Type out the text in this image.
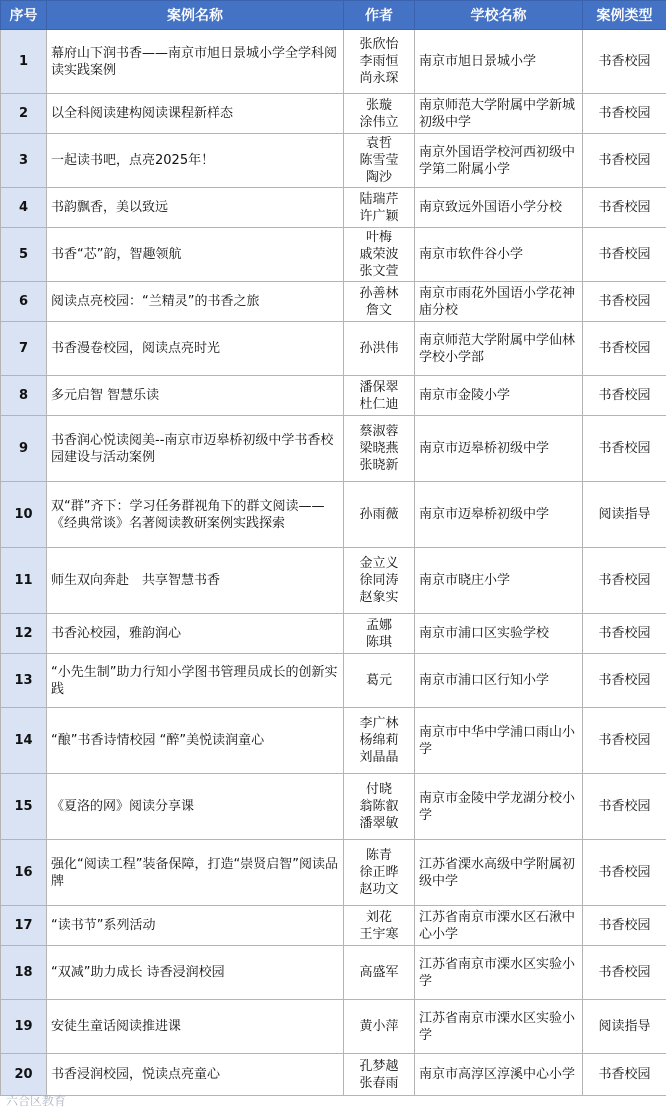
序号	案例名称	作者	学校名称	案例类型
1	幕府山下润书香——南京市旭日景城小学全学科阅读实践案例	张欣怡
李雨恒
尚永琛	南京市旭日景城小学	书香校园
2	以全科阅读建构阅读课程新样态	张璇
涂伟立	南京师范大学附属中学新城初级中学	书香校园
3	一起读书吧，点亮2025年！	袁哲
陈雪莹
陶沙	南京外国语学校河西初级中学第二附属小学	书香校园
4	书韵飘香，美以致远	陆瑞芹
许广颖	南京致远外国语小学分校	书香校园
5	书香“芯”韵，智趣领航	叶梅
戚荣波
张文萱	南京市软件谷小学	书香校园
6	阅读点亮校园：“兰精灵”的书香之旅	孙善林
詹文	南京市雨花外国语小学花神庙分校	书香校园
7	书香漫卷校园，阅读点亮时光	孙洪伟	南京师范大学附属中学仙林学校小学部	书香校园
8	多元启智 智慧乐读	潘保翠
杜仁迪	南京市金陵小学	书香校园
9	书香润心悦读阅美--南京市迈皋桥初级中学书香校园建设与活动案例	蔡淑蓉
梁晓燕
张晓新	南京市迈皋桥初级中学	书香校园
10	双“群”齐下：学习任务群视角下的群文阅读——《经典常谈》名著阅读教研案例实践探索	孙雨薇	南京市迈皋桥初级中学	阅读指导
11	师生双向奔赴　共享智慧书香	金立义
徐同涛
赵象实	南京市晓庄小学	书香校园
12	书香沁校园，雅韵润心	孟娜
陈琪	南京市浦口区实验学校	书香校园
13	“小先生制”助力行知小学图书管理员成长的创新实践	葛元	南京市浦口区行知小学	书香校园
14	“酿”书香诗情校园 “醉”美悦读润童心	李广林
杨绵莉
刘晶晶	南京市中华中学浦口雨山小学	书香校园
15	《夏洛的网》阅读分享课	付晓
翁陈叡
潘翠敏	南京市金陵中学龙湖分校小学	书香校园
16	强化“阅读工程”装备保障，打造“崇贤启智”阅读品牌	陈青
徐正晔
赵功文	江苏省溧水高级中学附属初级中学	书香校园
17	“读书节”系列活动	刘花
王宇寒	江苏省南京市溧水区石湫中心小学	书香校园
18	“双减”助力成长 诗香浸润校园	高盛军	江苏省南京市溧水区实验小学	书香校园
19	安徒生童话阅读推进课	黄小萍	江苏省南京市溧水区实验小学	阅读指导
20	书香浸润校园，悦读点亮童心	孔梦越
张春雨	南京市高淳区淳溪中心小学	书香校园
六合区教育
